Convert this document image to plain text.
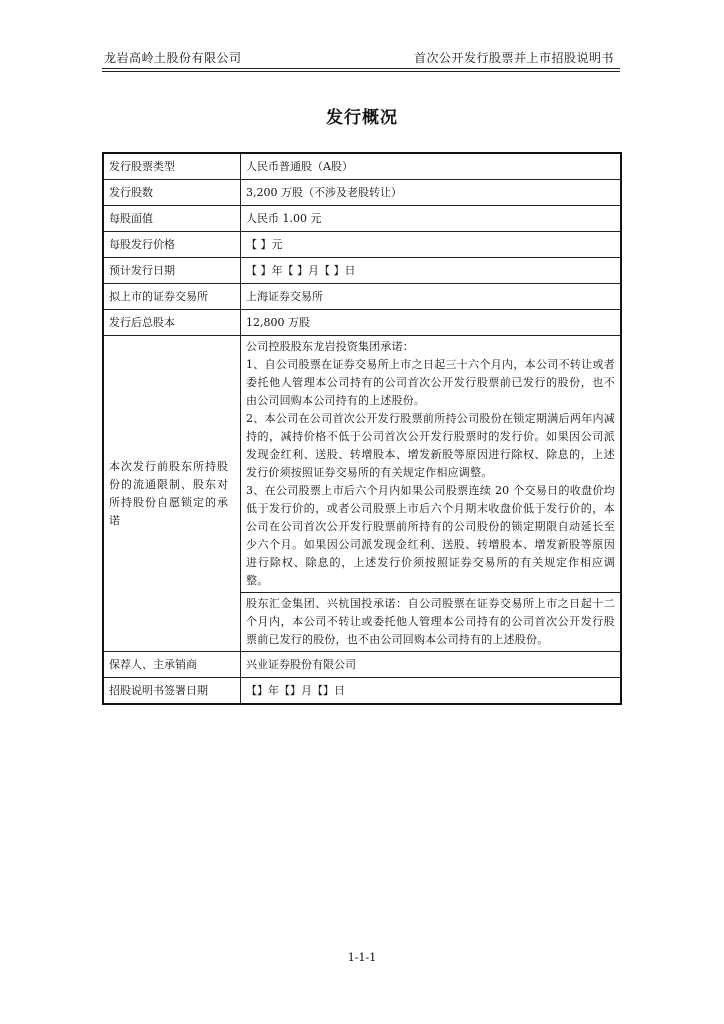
龙岩高岭土股份有限公司	首次公开发行股票并上市招股说明书
发行概况
发行股票类型	人民币普通股（A股）
发行股数	3,200 万股（不涉及老股转让）
每股面值	人民币 1.00 元
每股发行价格	【 】元
预计发行日期	【 】年【 】月【 】日
拟上市的证券交易所	上海证券交易所
发行后总股本	12,800 万股
本次发行前股东所持股份的流通限制、股东对所持股份自愿锁定的承诺	公司控股股东龙岩投资集团承诺：
1、自公司股票在证券交易所上市之日起三十六个月内，本公司不转让或者委托他人管理本公司持有的公司首次公开发行股票前已发行的股份，也不由公司回购本公司持有的上述股份。
2、本公司在公司首次公开发行股票前所持公司股份在锁定期满后两年内减持的，减持价格不低于公司首次公开发行股票时的发行价。如果因公司派发现金红利、送股、转增股本、增发新股等原因进行除权、除息的，上述发行价须按照证券交易所的有关规定作相应调整。
3、在公司股票上市后六个月内如果公司股票连续 20 个交易日的收盘价均低于发行价的，或者公司股票上市后六个月期末收盘价低于发行价的，本公司在公司首次公开发行股票前所持有的公司股份的锁定期限自动延长至少六个月。如果因公司派发现金红利、送股、转增股本、增发新股等原因进行除权、除息的，上述发行价须按照证券交易所的有关规定作相应调整。

	股东汇金集团、兴杭国投承诺：自公司股票在证券交易所上市之日起十二个月内，本公司不转让或委托他人管理本公司持有的公司首次公开发行股票前已发行的股份，也不由公司回购本公司持有的上述股份。

保荐人、主承销商	兴业证券股份有限公司
招股说明书签署日期	【】年【】月【】日
1-1-1
